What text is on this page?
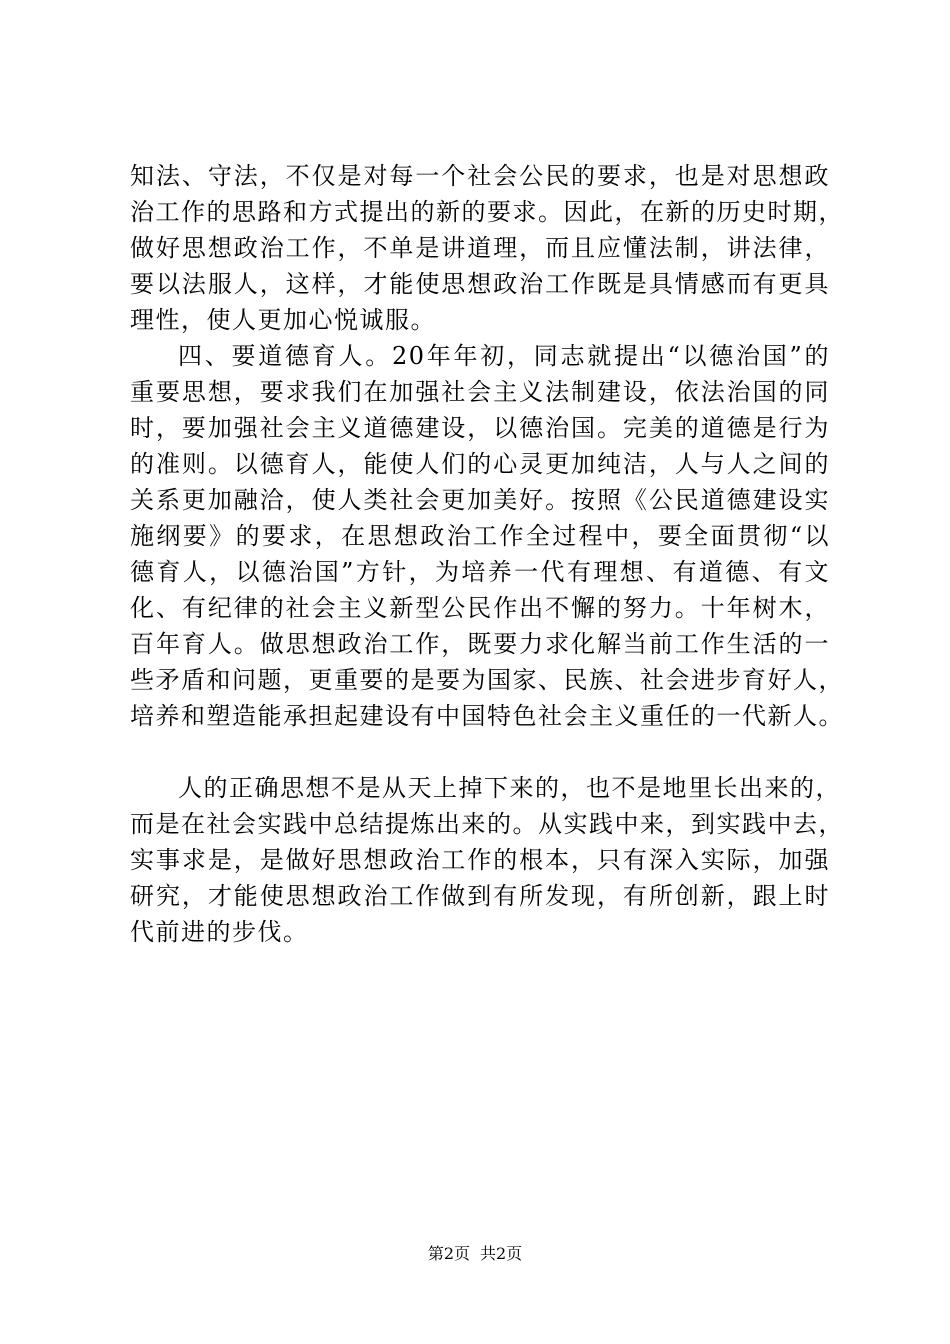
知法、守法，不仅是对每一个社会公民的要求，也是对思想政
治工作的思路和方式提出的新的要求。因此，在新的历史时期，
做好思想政治工作，不单是讲道理，而且应懂法制，讲法律，
要以法服人，这样，才能使思想政治工作既是具情感而有更具
理性，使人更加心悦诚服。
四、要道德育人。20年年初，同志就提出“以德治国”的
重要思想，要求我们在加强社会主义法制建设，依法治国的同
时，要加强社会主义道德建设，以德治国。完美的道德是行为
的准则。以德育人，能使人们的心灵更加纯洁，人与人之间的
关系更加融洽，使人类社会更加美好。按照《公民道德建设实
施纲要》的要求，在思想政治工作全过程中，要全面贯彻“以
德育人，以德治国”方针，为培养一代有理想、有道德、有文
化、有纪律的社会主义新型公民作出不懈的努力。十年树木，
百年育人。做思想政治工作，既要力求化解当前工作生活的一
些矛盾和问题，更重要的是要为国家、民族、社会进步育好人，
培养和塑造能承担起建设有中国特色社会主义重任的一代新人。
人的正确思想不是从天上掉下来的，也不是地里长出来的，
而是在社会实践中总结提炼出来的。从实践中来，到实践中去，
实事求是，是做好思想政治工作的根本，只有深入实际，加强
研究，才能使思想政治工作做到有所发现，有所创新，跟上时
代前进的步伐。
第2页 共2页
